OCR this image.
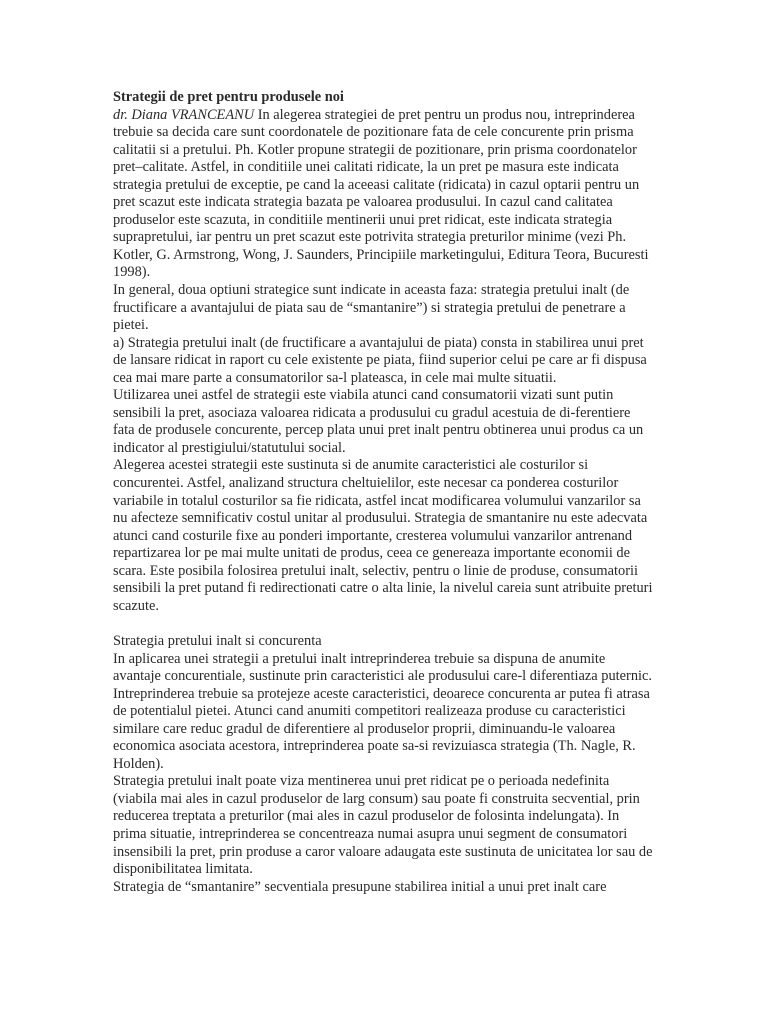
Strategii de pret pentru produsele noi
dr. Diana VRANCEANU In alegerea strategiei de pret pentru un produs nou, intreprinderea trebuie sa decida care sunt coordonatele de pozitionare fata de cele concurente prin prisma calitatii si a pretului. Ph. Kotler propune strategii de pozitionare, prin prisma coordonatelor pret–calitate. Astfel, in conditiile unei calitati ridicate, la un pret pe masura este indicata strategia pretului de exceptie, pe cand la aceeasi calitate (ridicata) in cazul optarii pentru un pret scazut este indicata strategia bazata pe valoarea produsului. In cazul cand calitatea produselor este scazuta, in conditiile mentinerii unui pret ridicat, este indicata strategia suprapretului, iar pentru un pret scazut este potrivita strategia preturilor minime (vezi Ph. Kotler, G. Armstrong, Wong, J. Saunders, Principiile marketingului, Editura Teora, Bucuresti 1998).
In general, doua optiuni strategice sunt indicate in aceasta faza: strategia pretului inalt (de fructificare a avantajului de piata sau de “smantanire”) si strategia pretului de penetrare a pietei.
a) Strategia pretului inalt (de fructificare a avantajului de piata) consta in stabilirea unui pret de lansare ridicat in raport cu cele existente pe piata, fiind superior celui pe care ar fi dispusa cea mai mare parte a consumatorilor sa-l plateasca, in cele mai multe situatii.
Utilizarea unei astfel de strategii este viabila atunci cand consumatorii vizati sunt putin sensibili la pret, asociaza valoarea ridicata a produsului cu gradul acestuia de di-ferentiere fata de produsele concurente, percep plata unui pret inalt pentru obtinerea unui produs ca un indicator al prestigiului/statutului social.
Alegerea acestei strategii este sustinuta si de anumite caracteristici ale costurilor si concurentei. Astfel, analizand structura cheltuielilor, este necesar ca ponderea costurilor variabile in totalul costurilor sa fie ridicata, astfel incat modificarea volumului vanzarilor sa nu afecteze semnificativ costul unitar al produsului. Strategia de smantanire nu este adecvata atunci cand costurile fixe au ponderi importante, cresterea volumului vanzarilor antrenand repartizarea lor pe mai multe unitati de produs, ceea ce genereaza importante economii de scara. Este posibila folosirea pretului inalt, selectiv, pentru o linie de produse, consumatorii sensibili la pret putand fi redirectionati catre o alta linie, la nivelul careia sunt atribuite preturi scazute.
Strategia pretului inalt si concurenta
In aplicarea unei strategii a pretului inalt intreprinderea trebuie sa dispuna de anumite avantaje concurentiale, sustinute prin caracteristici ale produsului care-l diferentiaza puternic. Intreprinderea trebuie sa protejeze aceste caracteristici, deoarece concurenta ar putea fi atrasa de potentialul pietei. Atunci cand anumiti competitori realizeaza produse cu caracteristici similare care reduc gradul de diferentiere al produselor proprii, diminuandu-le valoarea economica asociata acestora, intreprinderea poate sa-si revizuiasca strategia (Th. Nagle, R. Holden).
Strategia pretului inalt poate viza mentinerea unui pret ridicat pe o perioada nedefinita (viabila mai ales in cazul produselor de larg consum) sau poate fi construita secvential, prin reducerea treptata a preturilor (mai ales in cazul produselor de folosinta indelungata). In prima situatie, intreprinderea se concentreaza numai asupra unui segment de consumatori insensibili la pret, prin produse a caror valoare adaugata este sustinuta de unicitatea lor sau de disponibilitatea limitata.
Strategia de “smantanire” secventiala presupune stabilirea initial a unui pret inalt care
